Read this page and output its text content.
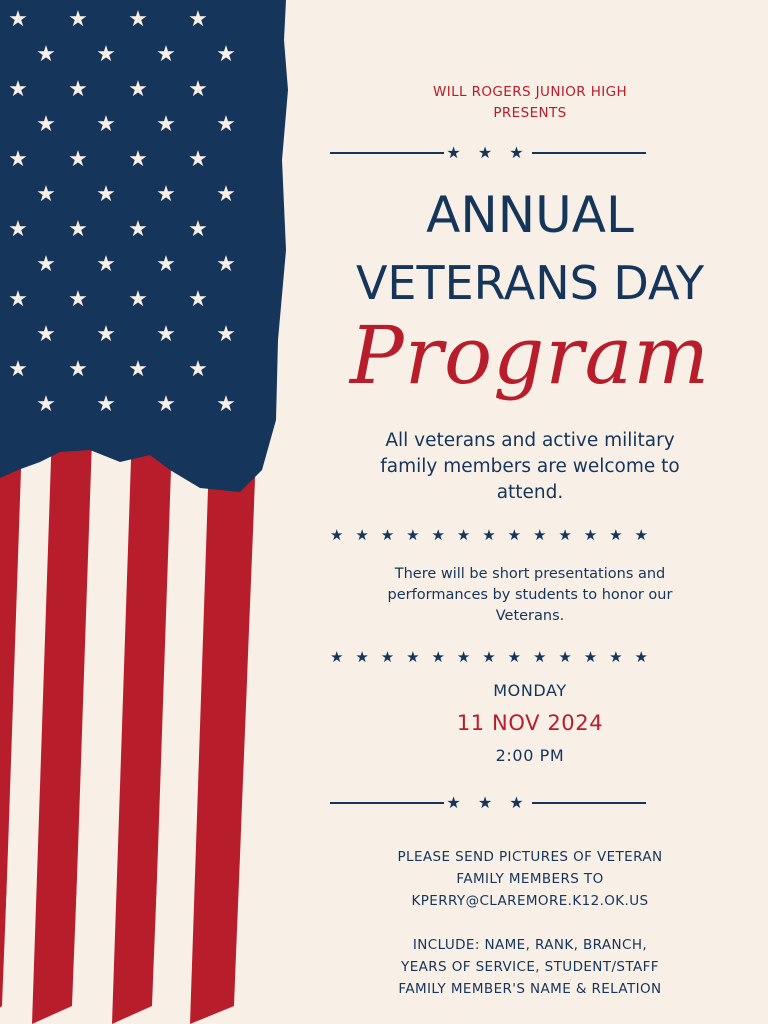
★ ★ ★ ★
★ ★ ★ ★
★ ★ ★ ★
★ ★ ★ ★
★ ★ ★ ★
★ ★ ★ ★
★ ★ ★ ★
★ ★ ★ ★
★ ★ ★ ★
★ ★ ★ ★
★ ★ ★ ★
★ ★ ★ ★
WILL ROGERS JUNIOR HIGH
PRESENTS
★ ★ ★
ANNUAL
VETERANS DAY
Program
All veterans and active military
family members are welcome to
attend.
★ ★ ★ ★ ★ ★ ★ ★ ★ ★ ★ ★ ★
There will be short presentations and
performances by students to honor our
Veterans.
★ ★ ★ ★ ★ ★ ★ ★ ★ ★ ★ ★ ★
MONDAY
11 NOV 2024
2:00 PM
★ ★ ★
PLEASE SEND PICTURES OF VETERAN
FAMILY MEMBERS TO
KPERRY@CLAREMORE.K12.OK.US
INCLUDE: NAME, RANK, BRANCH,
YEARS OF SERVICE, STUDENT/STAFF
FAMILY MEMBER'S NAME & RELATION
